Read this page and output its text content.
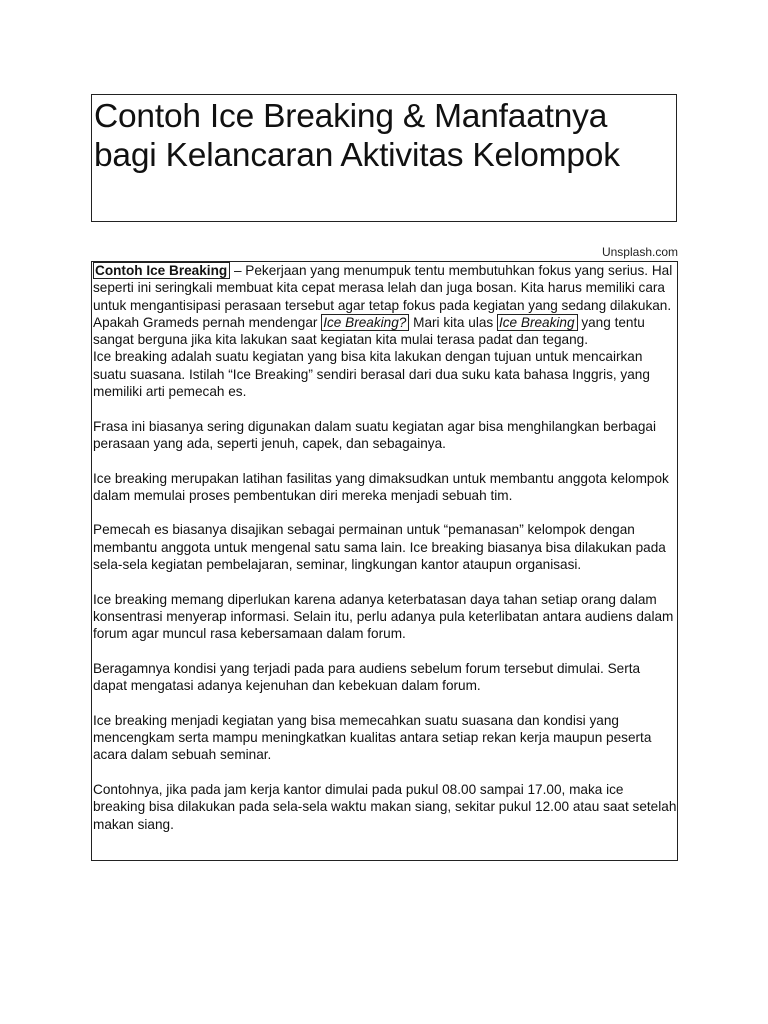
Contoh Ice Breaking & Manfaatnya bagi Kelancaran Aktivitas Kelompok
Unsplash.com

Contoh Ice Breaking – Pekerjaan yang menumpuk tentu membutuhkan fokus yang serius. Hal seperti ini seringkali membuat kita cepat merasa lelah dan juga bosan. Kita harus memiliki cara untuk mengantisipasi perasaan tersebut agar tetap fokus pada kegiatan yang sedang dilakukan.

Apakah Grameds pernah mendengar Ice Breaking? Mari kita ulas Ice Breaking yang tentu sangat berguna jika kita lakukan saat kegiatan kita mulai terasa padat dan tegang.

Ice breaking adalah suatu kegiatan yang bisa kita lakukan dengan tujuan untuk mencairkan suatu suasana. Istilah “Ice Breaking” sendiri berasal dari dua suku kata bahasa Inggris, yang memiliki arti pemecah es.

Frasa ini biasanya sering digunakan dalam suatu kegiatan agar bisa menghilangkan berbagai perasaan yang ada, seperti jenuh, capek, dan sebagainya.

Ice breaking merupakan latihan fasilitas yang dimaksudkan untuk membantu anggota kelompok dalam memulai proses pembentukan diri mereka menjadi sebuah tim.

Pemecah es biasanya disajikan sebagai permainan untuk “pemanasan” kelompok dengan membantu anggota untuk mengenal satu sama lain. Ice breaking biasanya bisa dilakukan pada sela-sela kegiatan pembelajaran, seminar, lingkungan kantor ataupun organisasi.

Ice breaking memang diperlukan karena adanya keterbatasan daya tahan setiap orang dalam konsentrasi menyerap informasi. Selain itu, perlu adanya pula keterlibatan antara audiens dalam forum agar muncul rasa kebersamaan dalam forum.

Beragamnya kondisi yang terjadi pada para audiens sebelum forum tersebut dimulai. Serta dapat mengatasi adanya kejenuhan dan kebekuan dalam forum.

Ice breaking menjadi kegiatan yang bisa memecahkan suatu suasana dan kondisi yang mencengkam serta mampu meningkatkan kualitas antara setiap rekan kerja maupun peserta acara dalam sebuah seminar.

Contohnya, jika pada jam kerja kantor dimulai pada pukul 08.00 sampai 17.00, maka ice breaking bisa dilakukan pada sela-sela waktu makan siang, sekitar pukul 12.00 atau saat setelah makan siang.
